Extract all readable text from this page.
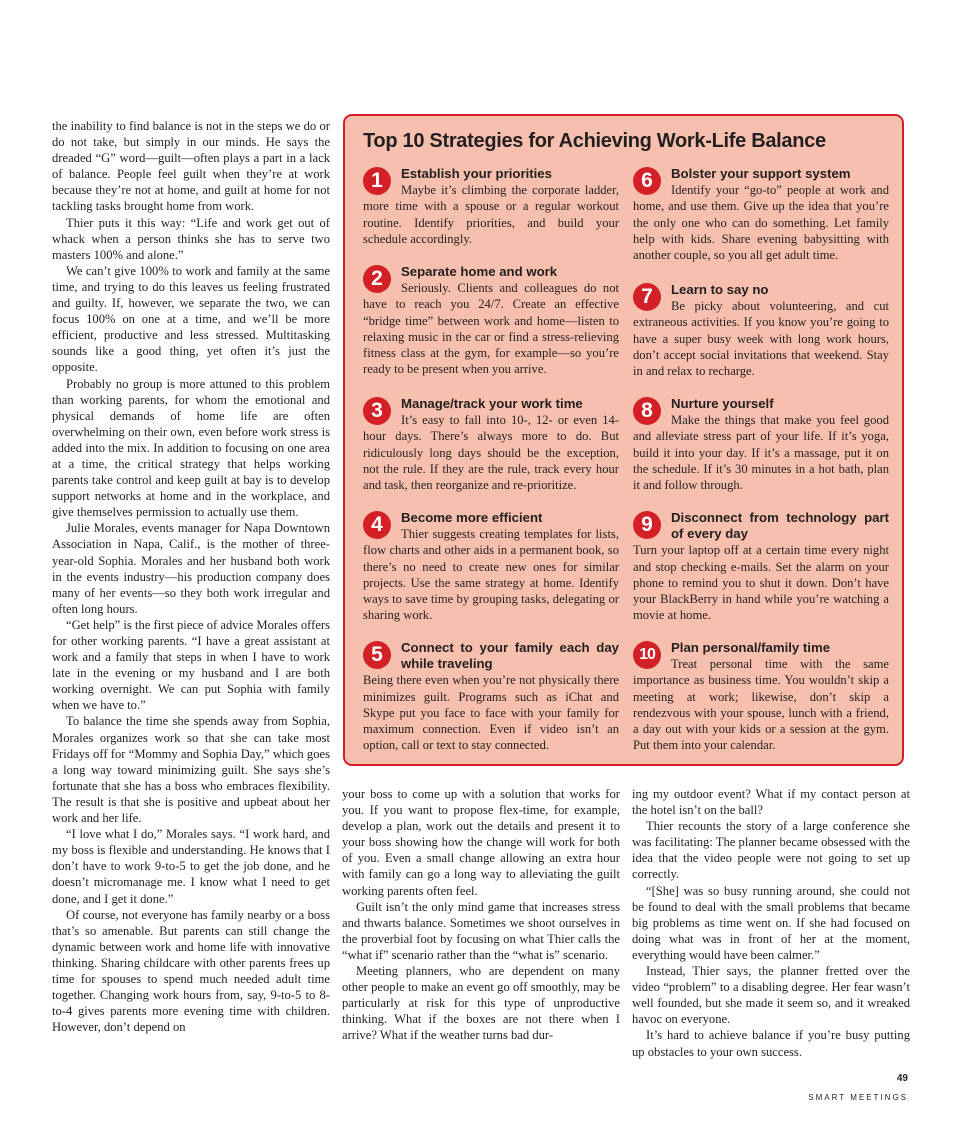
the inability to find balance is not in the steps we do or do not take, but simply in our minds. He says the dreaded “G” word—guilt—often plays a part in a lack of balance. People feel guilt when they’re at work because they’re not at home, and guilt at home for not tackling tasks brought home from work.

Thier puts it this way: “Life and work get out of whack when a person thinks she has to serve two masters 100% and alone.”

We can’t give 100% to work and family at the same time, and trying to do this leaves us feeling frustrated and guilty. If, however, we separate the two, we can focus 100% on one at a time, and we’ll be more efficient, productive and less stressed. Multitasking sounds like a good thing, yet often it’s just the opposite.

Probably no group is more attuned to this problem than working parents, for whom the emotional and physical demands of home life are often overwhelming on their own, even before work stress is added into the mix. In addition to focusing on one area at a time, the critical strategy that helps working parents take control and keep guilt at bay is to develop support networks at home and in the workplace, and give themselves permission to actually use them.

Julie Morales, events manager for Napa Downtown Association in Napa, Calif., is the mother of three-year-old Sophia. Morales and her husband both work in the events industry—his production company does many of her events—so they both work irregular and often long hours.

“Get help” is the first piece of advice Morales offers for other working parents. “I have a great assistant at work and a family that steps in when I have to work late in the evening or my husband and I are both working overnight. We can put Sophia with family when we have to.”

To balance the time she spends away from Sophia, Morales organizes work so that she can take most Fridays off for “Mommy and Sophia Day,” which goes a long way toward minimizing guilt. She says she’s fortunate that she has a boss who embraces flexibility. The result is that she is positive and upbeat about her work and her life.

“I love what I do,” Morales says. “I work hard, and my boss is flexible and understanding. He knows that I don’t have to work 9-to-5 to get the job done, and he doesn’t micromanage me. I know what I need to get done, and I get it done.”

Of course, not everyone has family nearby or a boss that’s so amenable. But parents can still change the dynamic between work and home life with innovative thinking. Sharing childcare with other parents frees up time for spouses to spend much needed adult time together. Changing work hours from, say, 9-to-5 to 8-to-4 gives parents more evening time with children. However, don’t depend on

Top 10 Strategies for Achieving Work-Life Balance
1	Establish your priorities

Maybe it’s climbing the corporate ladder, more time with a spouse or a regular workout routine. Identify priorities, and build your schedule accordingly.

2	Separate home and work

Seriously. Clients and colleagues do not have to reach you 24/7. Create an effective “bridge time” between work and home—listen to relaxing music in the car or find a stress-relieving fitness class at the gym, for example—so you’re ready to be present when you arrive.

3	Manage/track your work time

It’s easy to fall into 10-, 12- or even 14-hour days. There’s always more to do. But ridiculously long days should be the exception, not the rule. If they are the rule, track every hour and task, then reorganize and re-prioritize.

4	Become more efficient

Thier suggests creating templates for lists, flow charts and other aids in a permanent book, so there’s no need to create new ones for similar projects. Use the same strategy at home. Identify ways to save time by grouping tasks, delegating or sharing work.

5	Connect to your family each day while traveling

Being there even when you’re not physically there minimizes guilt. Programs such as iChat and Skype put you face to face with your family for maximum connection. Even if video isn’t an option, call or text to stay connected.

6	Bolster your support system

Identify your “go-to” people at work and home, and use them. Give up the idea that you’re the only one who can do something. Let family help with kids. Share evening babysitting with another couple, so you all get adult time.

7	Learn to say no

Be picky about volunteering, and cut extraneous activities. If you know you’re going to have a super busy week with long work hours, don’t accept social invitations that weekend. Stay in and relax to recharge.

8	Nurture yourself

Make the things that make you feel good and alleviate stress part of your life. If it’s yoga, build it into your day. If it’s a massage, put it on the schedule. If it’s 30 minutes in a hot bath, plan it and follow through.

9	Disconnect from technology part of every day

Turn your laptop off at a certain time every night and stop checking e-mails. Set the alarm on your phone to remind you to shut it down. Don’t have your BlackBerry in hand while you’re watching a movie at home.

10	Plan personal/family time

Treat personal time with the same importance as business time. You wouldn’t skip a meeting at work; likewise, don’t skip a rendezvous with your spouse, lunch with a friend, a day out with your kids or a session at the gym. Put them into your calendar.

your boss to come up with a solution that works for you. If you want to propose flex-time, for example, develop a plan, work out the details and present it to your boss showing how the change will work for both of you. Even a small change allowing an extra hour with family can go a long way to alleviating the guilt working parents often feel.

Guilt isn’t the only mind game that increases stress and thwarts balance. Sometimes we shoot ourselves in the proverbial foot by focusing on what Thier calls the “what if” scenario rather than the “what is” scenario.

Meeting planners, who are dependent on many other people to make an event go off smoothly, may be particularly at risk for this type of unproductive thinking. What if the boxes are not there when I arrive? What if the weather turns bad dur-

ing my outdoor event? What if my contact person at the hotel isn’t on the ball?

Thier recounts the story of a large conference she was facilitating: The planner became obsessed with the idea that the video people were not going to set up correctly.

“[She] was so busy running around, she could not be found to deal with the small problems that became big problems as time went on. If she had focused on doing what was in front of her at the moment, everything would have been calmer.”

Instead, Thier says, the planner fretted over the video “problem” to a disabling degree. Her fear wasn’t well founded, but she made it seem so, and it wreaked havoc on everyone.

It’s hard to achieve balance if you’re busy putting up obstacles to your own success.

49
SMART MEETINGS
